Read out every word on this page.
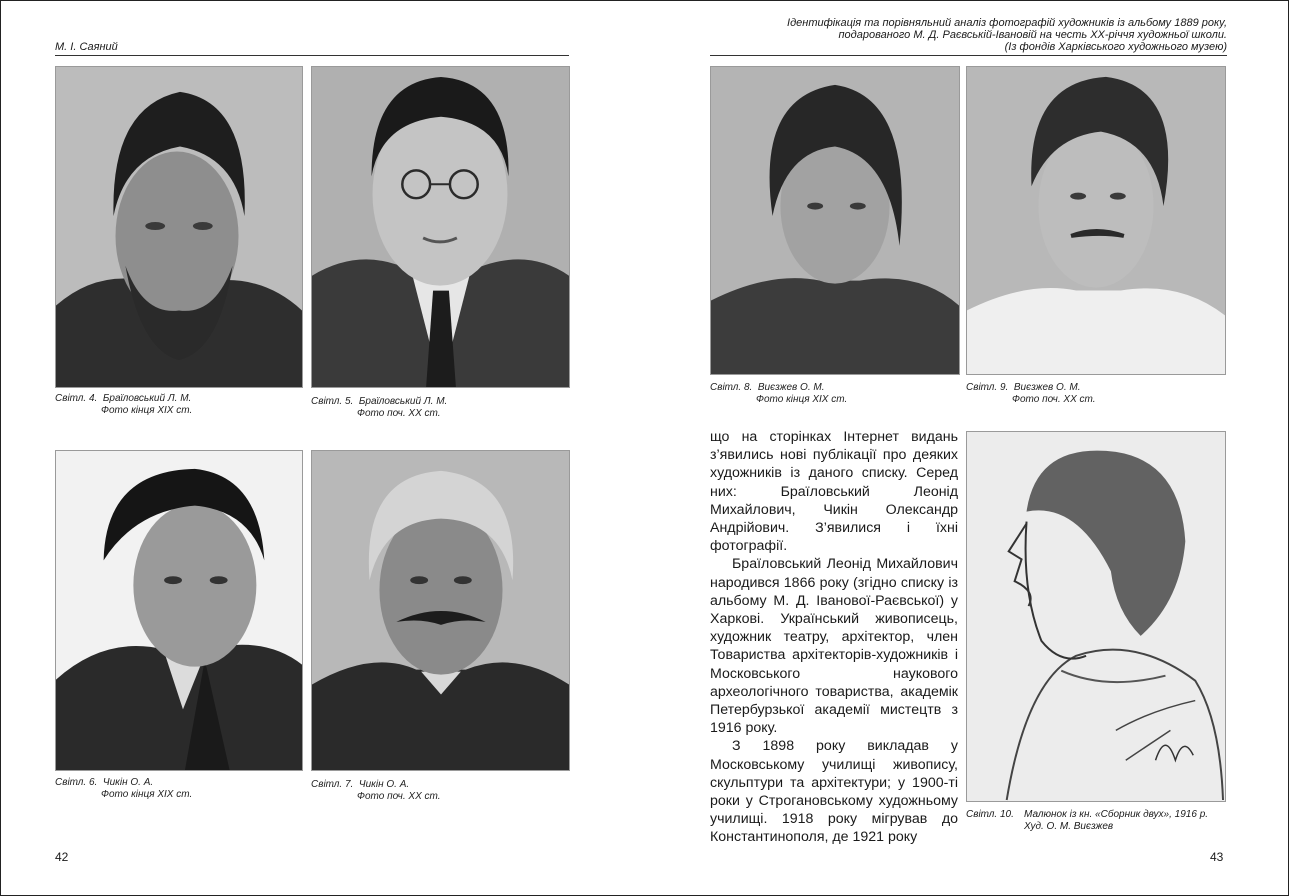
М. І. Саяний
Ідентифікація та порівняльний аналіз фотографій художників із альбому 1889 року,
подарованого М. Д. Раєвській-Івановій на честь ХХ-річчя художньої школи.
(Із фондів Харківського художнього музею)
Світл. 4. Браїловський Л. М.
Фото кінця ХІХ ст.
Світл. 5. Браїловський Л. М.
Фото поч. ХХ ст.
Світл. 6. Чикін О. А.
Фото кінця ХІХ ст.
Світл. 7. Чикін О. А.
Фото поч. ХХ ст.
Світл. 8. Виєзжев О. М.
Фото кінця ХІХ ст.
Світл. 9. Виєзжев О. М.
Фото поч. ХХ ст.

що на сторінках Інтернет видань з’явились нові публікації про деяких художників із даного списку. Серед них: Браїловський Леонід Михайлович, Чикін Олександр Андрійович. З’явилися і їхні фотографії.

Браїловський Леонід Михайлович народився 1866 року (згідно списку із альбому М. Д. Іванової-Раєвської) у Харкові. Український живописець, художник театру, архітектор, член Товариства архітекторів-художників і Московського наукового археологічного товариства, академік Петербурзької академії мистецтв з 1916 року.

З 1898 року викладав у Московському училищі живопису, скульптури та архітектури; у 1900-ті роки у Строгановському художньому училищі. 1918 року мігрував до Константинополя, де 1921 року

Світл. 10.	Малюнок із кн. «Сборник двух», 1916 р.
Худ. О. М. Виєзжев
42	43
